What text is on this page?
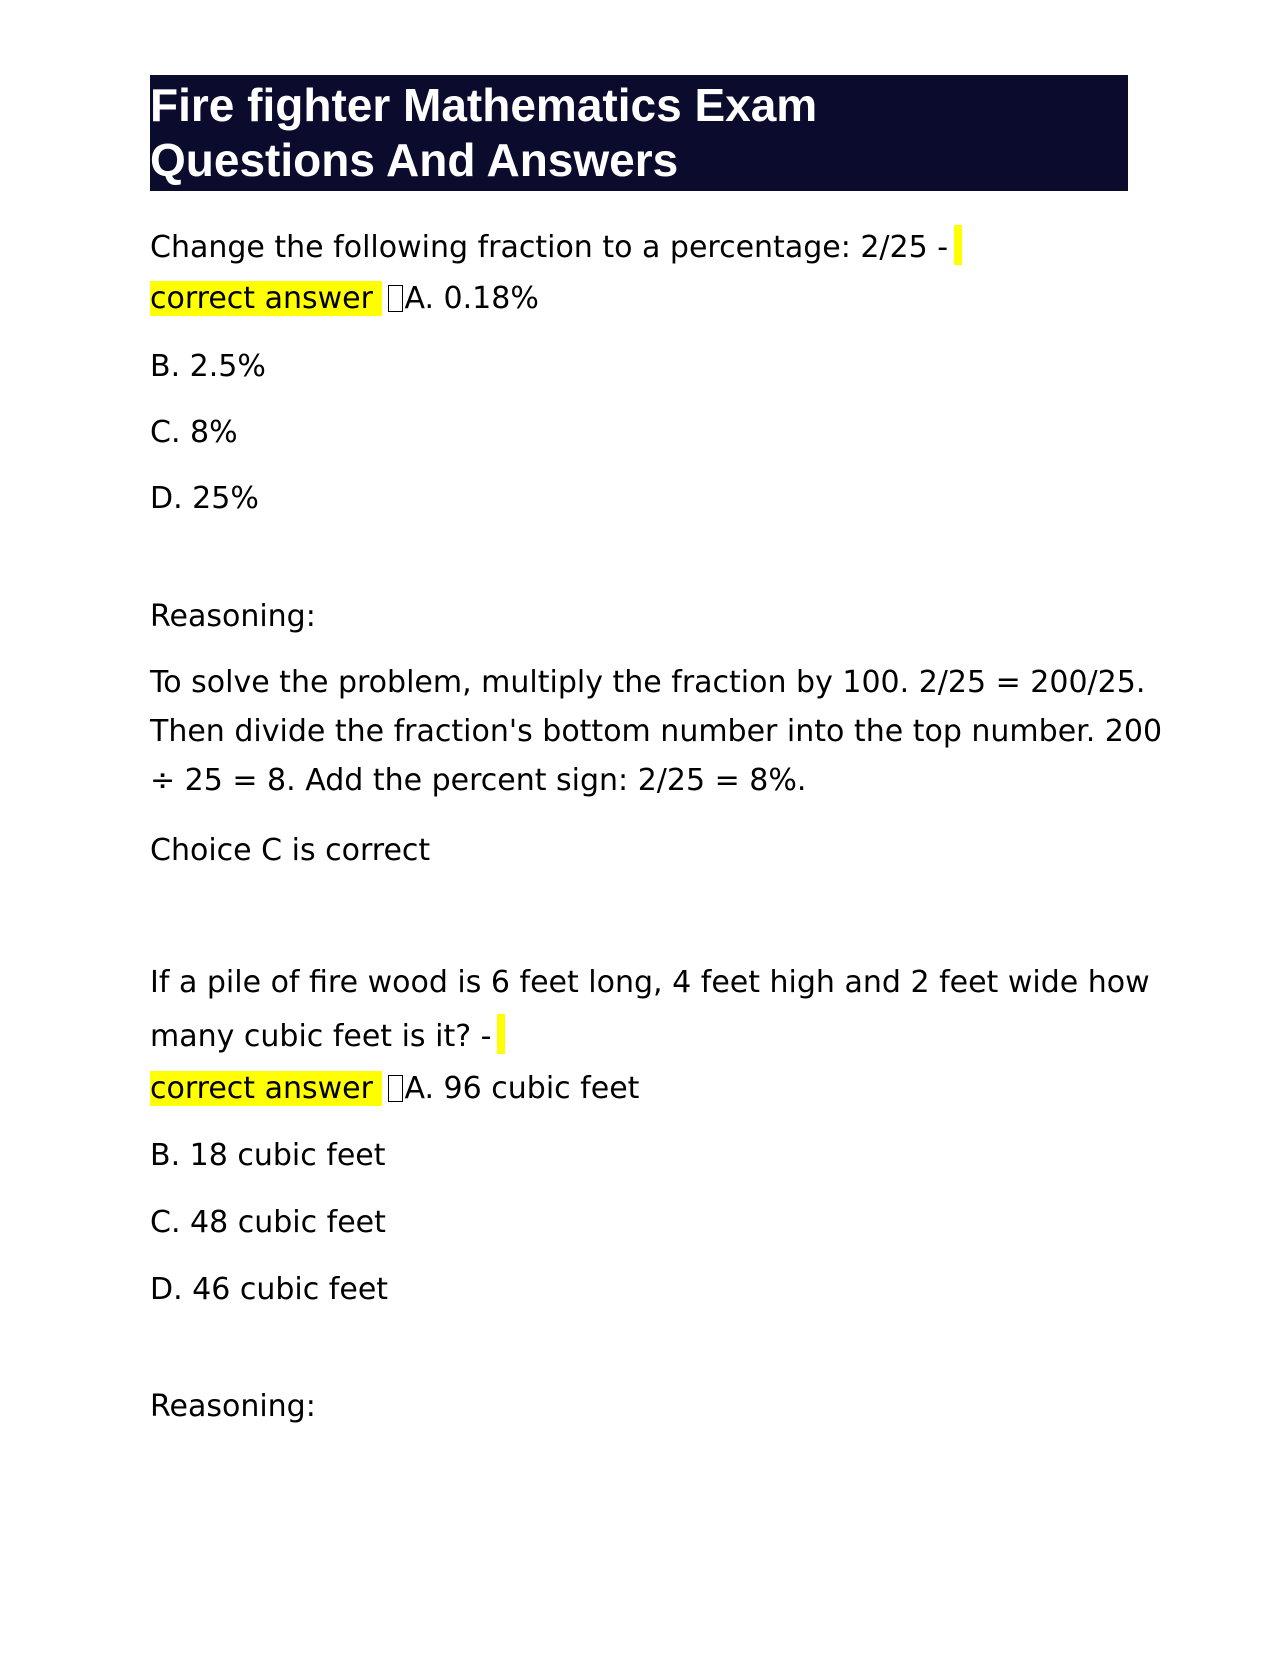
Fire fighter Mathematics Exam
Questions And Answers
Change the following fraction to a percentage: 2/25 -
correct answer A. 0.18%
B. 2.5%
C. 8%
D. 25%
Reasoning:
To solve the problem, multiply the fraction by 100. 2/25 = 200/25.
Then divide the fraction's bottom number into the top number. 200
÷ 25 = 8. Add the percent sign: 2/25 = 8%.
Choice C is correct
If a pile of fire wood is 6 feet long, 4 feet high and 2 feet wide how
many cubic feet is it? -
correct answer A. 96 cubic feet
B. 18 cubic feet
C. 48 cubic feet
D. 46 cubic feet
Reasoning:
